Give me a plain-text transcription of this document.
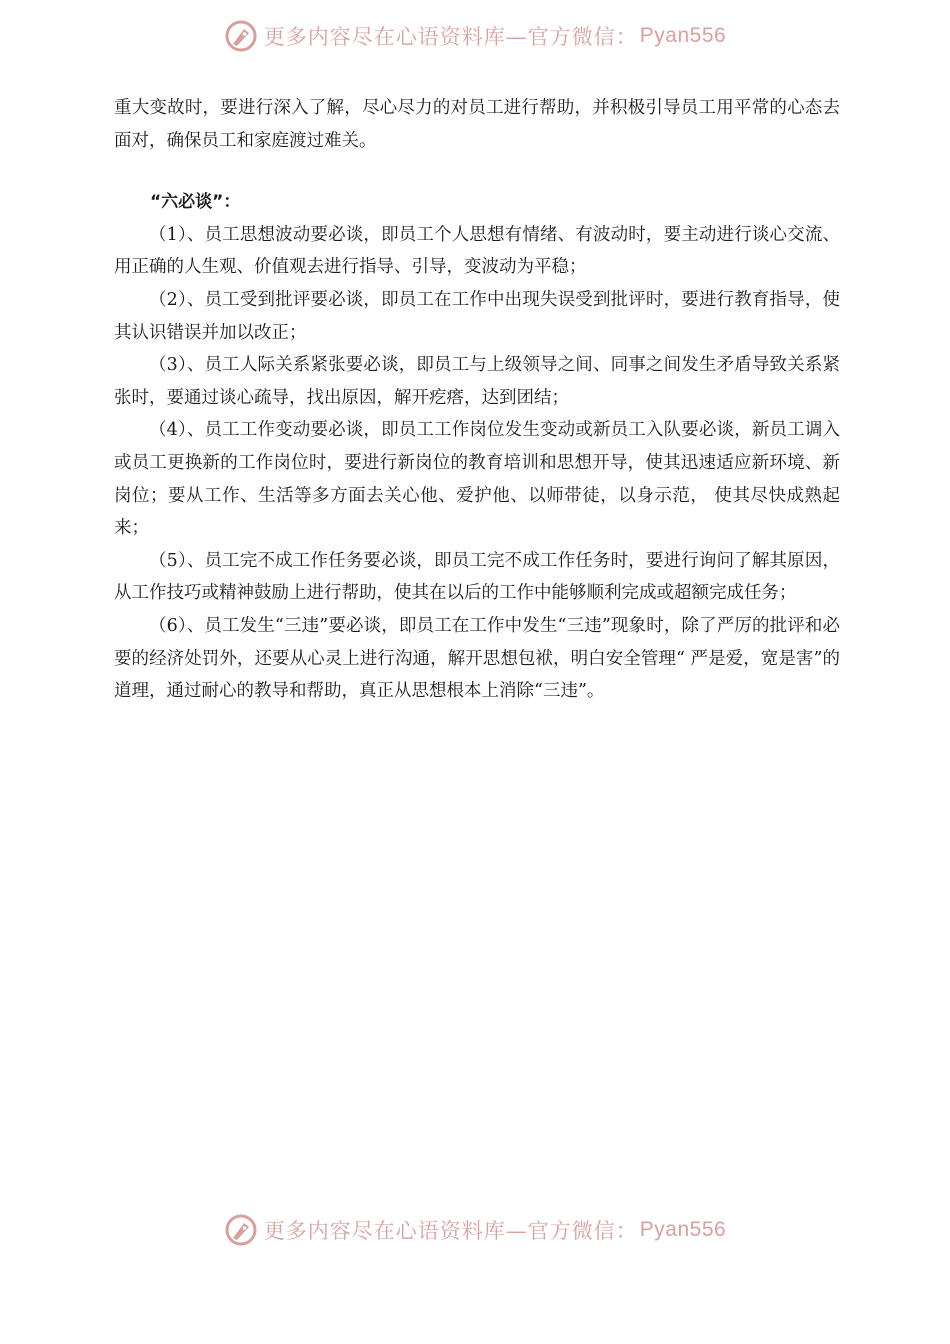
更多内容尽在心语资料库—官方微信： Pyan556

重大变故时，要进行深入了解，尽心尽力的对员工进行帮助，并积极引导员工用平常的心态去面对，确保员工和家庭渡过难关。

“六必谈”：

（1）、员工思想波动要必谈，即员工个人思想有情绪、有波动时，要主动进行谈心交流、用正确的人生观、价值观去进行指导、引导，变波动为平稳；

（2）、员工受到批评要必谈，即员工在工作中出现失误受到批评时，要进行教育指导，使其认识错误并加以改正；

（3）、员工人际关系紧张要必谈，即员工与上级领导之间、同事之间发生矛盾导致关系紧张时，要通过谈心疏导，找出原因，解开疙瘩，达到团结；

（4）、员工工作变动要必谈，即员工工作岗位发生变动或新员工入队要必谈，新员工调入或员工更换新的工作岗位时，要进行新岗位的教育培训和思想开导，使其迅速适应新环境、新岗位；要从工作、生活等多方面去关心他、爱护他、以师带徒，以身示范， 使其尽快成熟起来；

（5）、员工完不成工作任务要必谈，即员工完不成工作任务时，要进行询问了解其原因，从工作技巧或精神鼓励上进行帮助，使其在以后的工作中能够顺利完成或超额完成任务；

（6）、员工发生“三违”要必谈，即员工在工作中发生“三违”现象时，除了严厉的批评和必要的经济处罚外，还要从心灵上进行沟通，解开思想包袱，明白安全管理“ 严是爱，宽是害”的道理，通过耐心的教导和帮助，真正从思想根本上消除“三违”。

更多内容尽在心语资料库—官方微信： Pyan556
